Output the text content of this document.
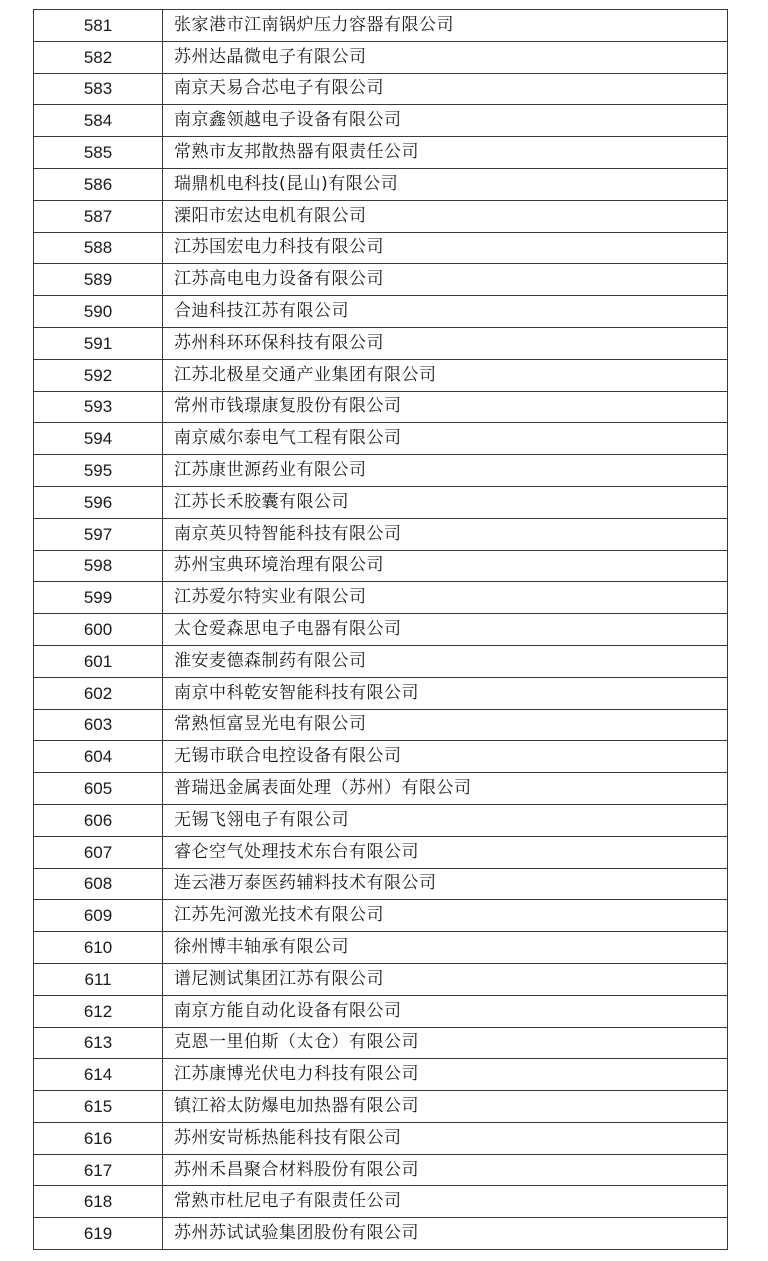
581	张家港市江南锅炉压力容器有限公司
582	苏州达晶微电子有限公司
583	南京天易合芯电子有限公司
584	南京鑫领越电子设备有限公司
585	常熟市友邦散热器有限责任公司
586	瑞鼎机电科技(昆山)有限公司
587	溧阳市宏达电机有限公司
588	江苏国宏电力科技有限公司
589	江苏高电电力设备有限公司
590	合迪科技江苏有限公司
591	苏州科环环保科技有限公司
592	江苏北极星交通产业集团有限公司
593	常州市钱璟康复股份有限公司
594	南京威尔泰电气工程有限公司
595	江苏康世源药业有限公司
596	江苏长禾胶囊有限公司
597	南京英贝特智能科技有限公司
598	苏州宝典环境治理有限公司
599	江苏爱尔特实业有限公司
600	太仓爱森思电子电器有限公司
601	淮安麦德森制药有限公司
602	南京中科乾安智能科技有限公司
603	常熟恒富昱光电有限公司
604	无锡市联合电控设备有限公司
605	普瑞迅金属表面处理（苏州）有限公司
606	无锡飞翎电子有限公司
607	睿仑空气处理技术东台有限公司
608	连云港万泰医药辅料技术有限公司
609	江苏先河激光技术有限公司
610	徐州博丰轴承有限公司
611	谱尼测试集团江苏有限公司
612	南京方能自动化设备有限公司
613	克恩一里伯斯（太仓）有限公司
614	江苏康博光伏电力科技有限公司
615	镇江裕太防爆电加热器有限公司
616	苏州安岢栎热能科技有限公司
617	苏州禾昌聚合材料股份有限公司
618	常熟市杜尼电子有限责任公司
619	苏州苏试试验集团股份有限公司
